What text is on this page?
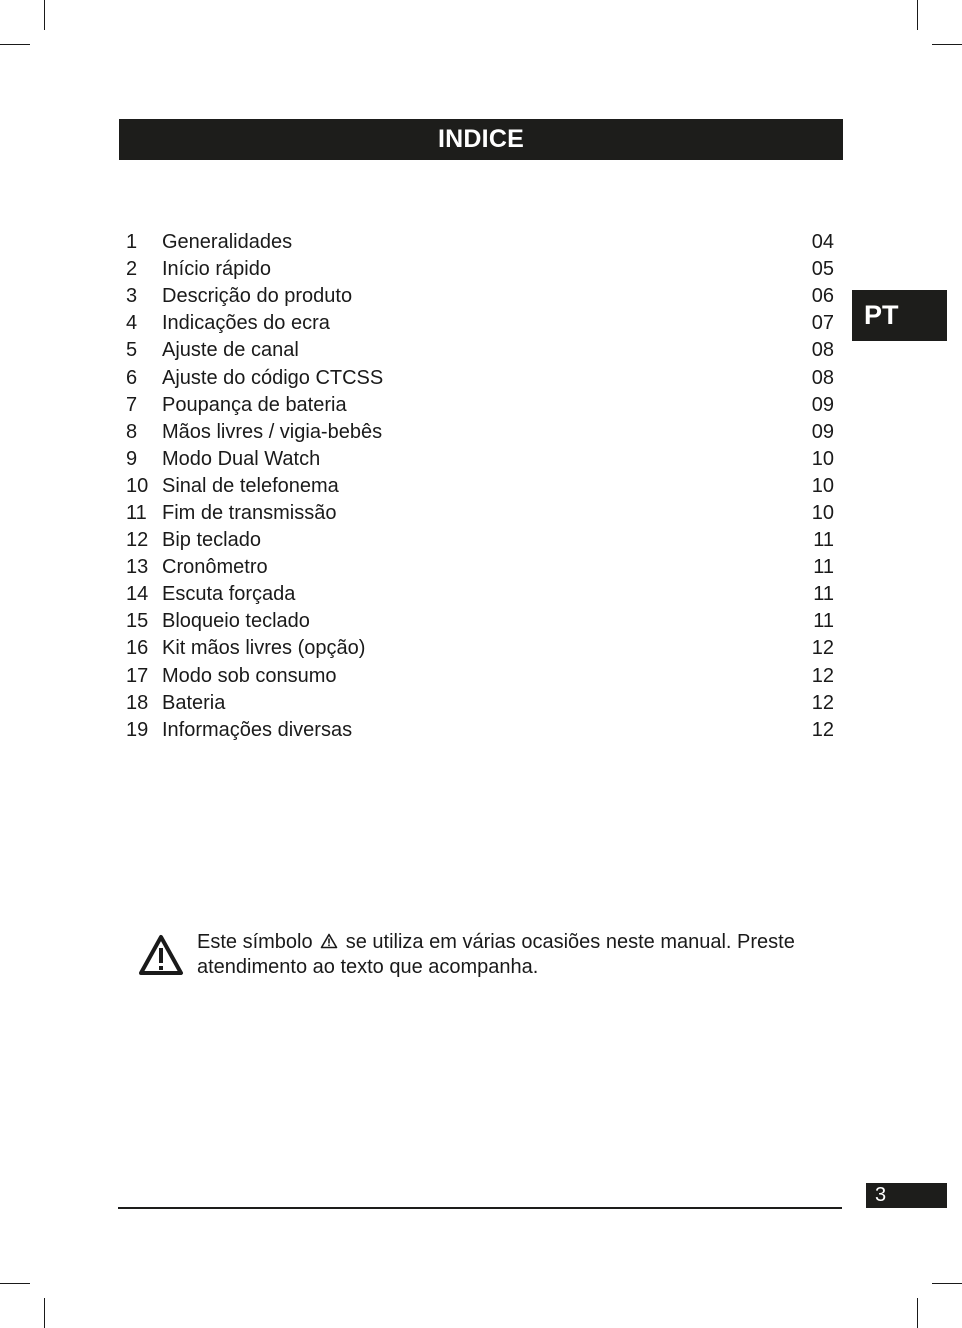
INDICE
PT
1	Generalidades	04
2	Início rápido	05
3	Descrição do produto	06
4	Indicações do ecra	07
5	Ajuste de canal	08
6	Ajuste do código CTCSS	08
7	Poupança de bateria	09
8	Mãos livres / vigia-bebês	09
9	Modo Dual Watch	10
10 Sinal de telefonema	10
11 Fim de transmissão	10
12 Bip teclado	11
13 Cronômetro	11
14 Escuta forçada	11
15 Bloqueio teclado	11
16 Kit mãos livres (opção)	12
17 Modo sob consumo	12
18 Bateria	12
19 Informações diversas	12
Este símbolo se utiliza em várias ocasiões neste manual. Preste atendimento ao texto que acompanha.
3
